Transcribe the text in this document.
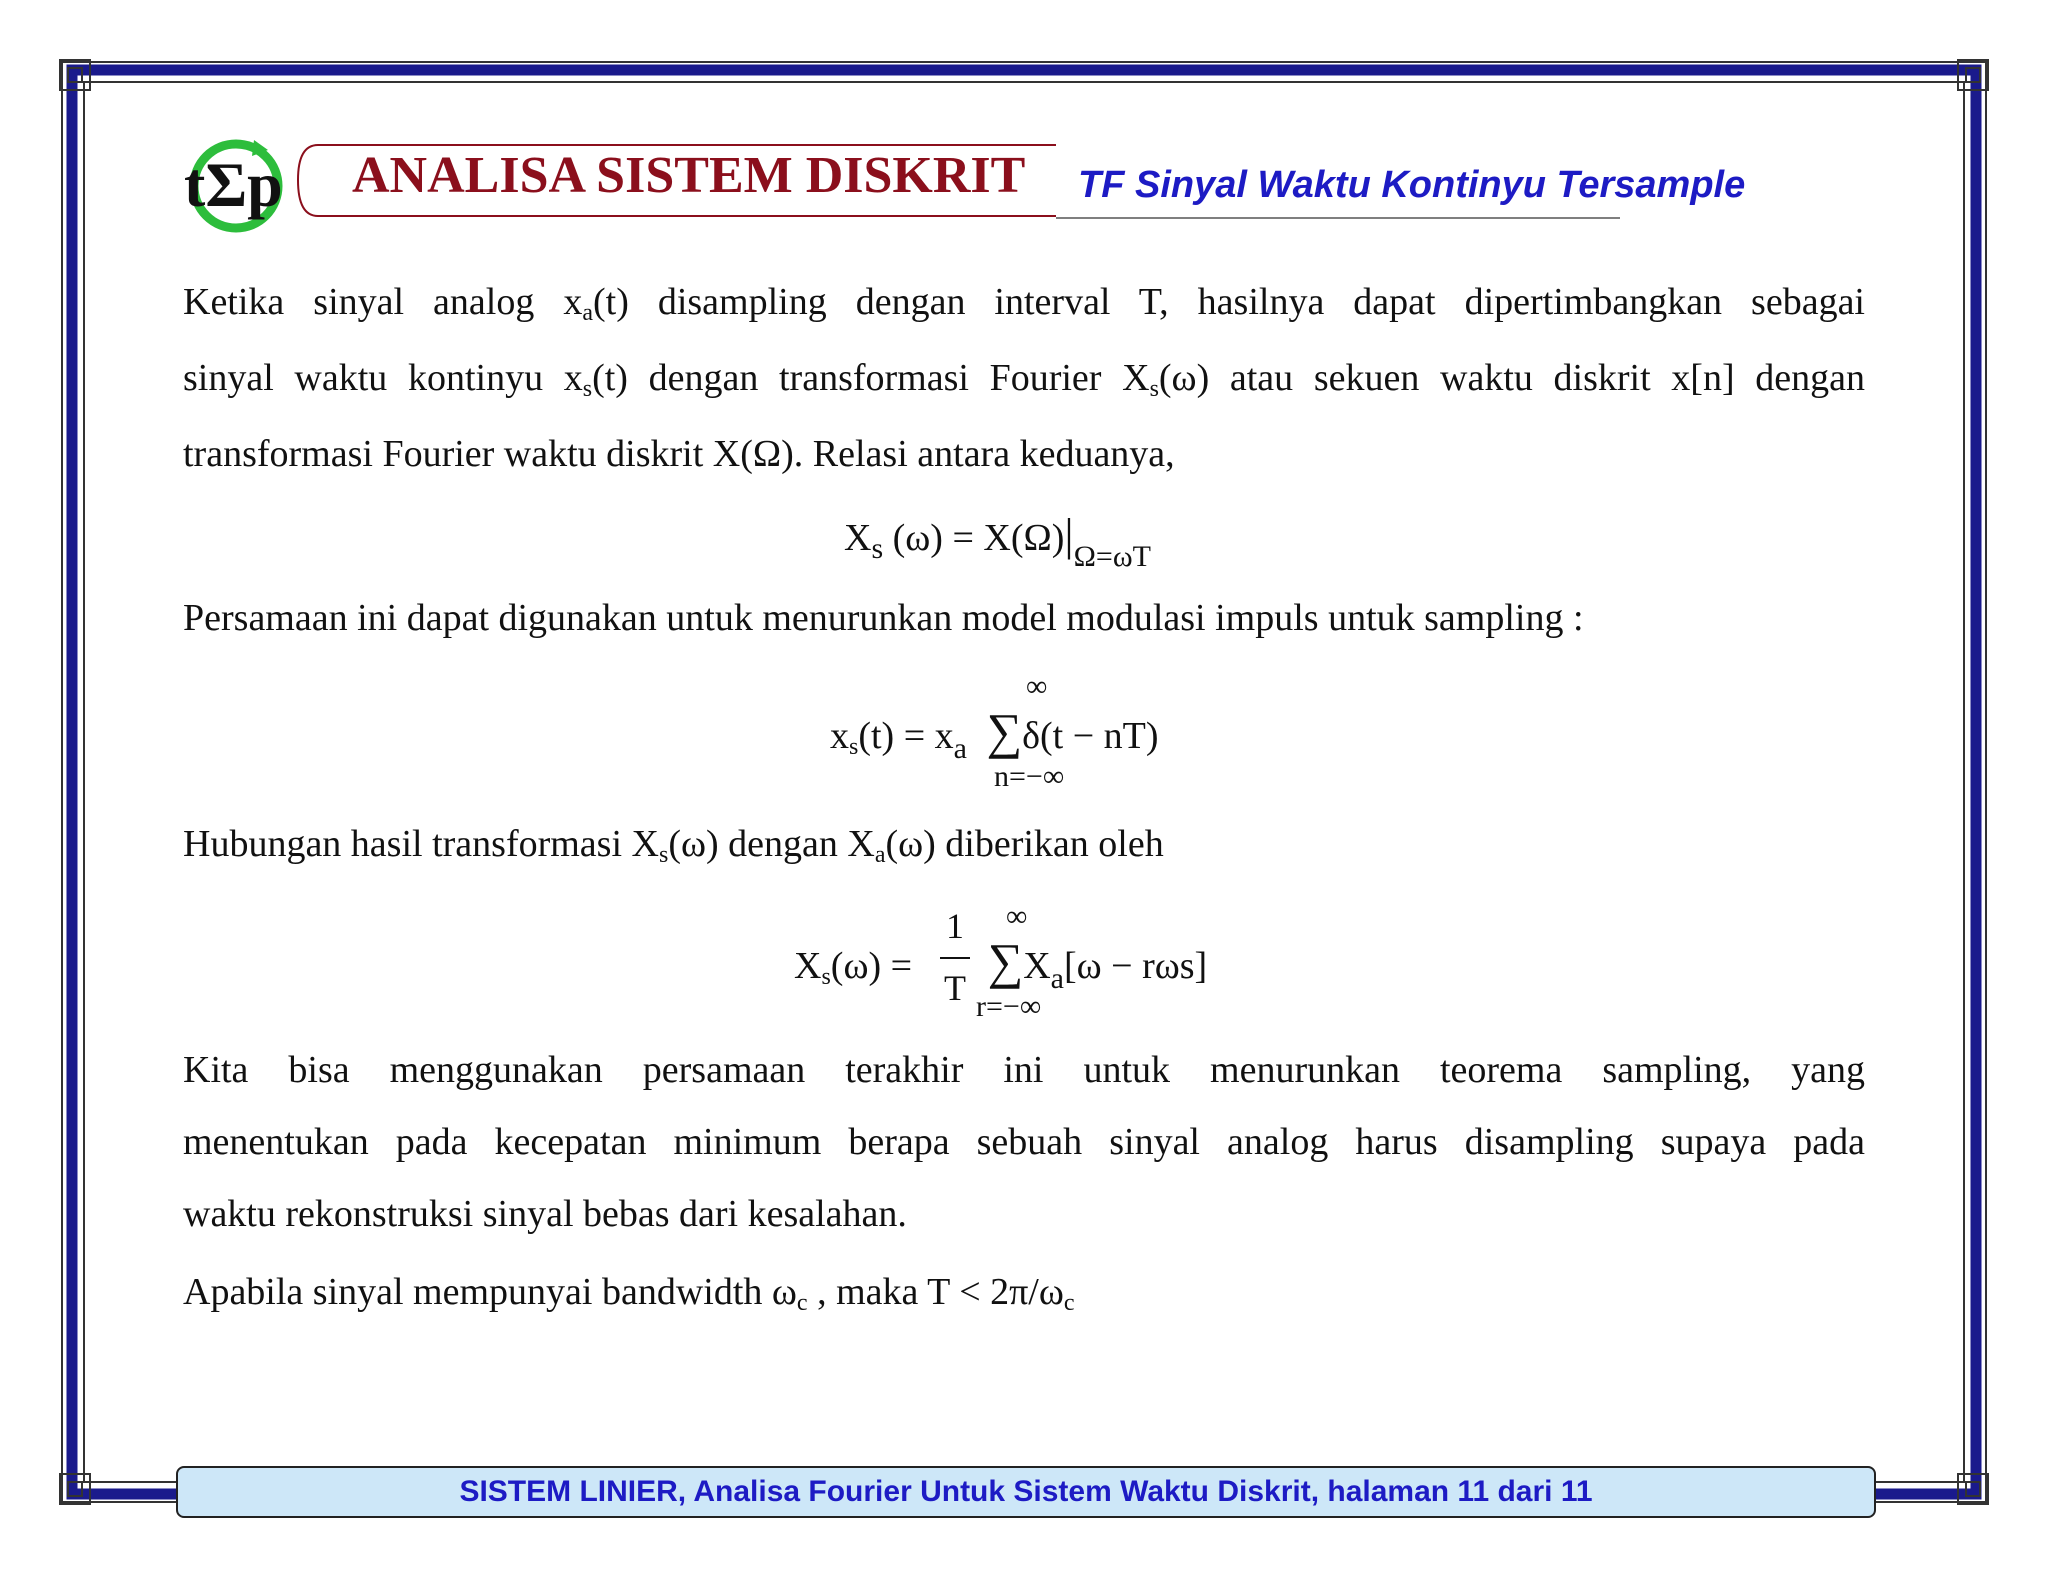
tΣp ANALISA SISTEM DISKRIT TF Sinyal Waktu Kontinyu Tersample
Ketika sinyal analog xa(t) disampling dengan interval T, hasilnya dapat dipertimbangkan sebagai
sinyal waktu kontinyu xs(t) dengan transformasi Fourier Xs(ω) atau sekuen waktu diskrit x[n] dengan
transformasi Fourier waktu diskrit X(Ω). Relasi antara keduanya,
$X_s$ $(\omega) = X(\Omega)|_{\Omega=\omega T}$
Persamaan ini dapat digunakan untuk menurunkan model modulasi impuls untuk sampling :
$xs(t) = x_a$ ∑δ(t − nT)
∞
n=−∞
Hubungan hasil transformasi Xs(ω) dengan Xa(ω) diberikan oleh
Xs(ω) =
1
T $\sum X_a[\omega - r\omega s]$
∞
r=−∞
Kita bisa menggunakan persamaan terakhir ini untuk menurunkan teorema sampling, yang
menentukan pada kecepatan minimum berapa sebuah sinyal analog harus disampling supaya pada
waktu rekonstruksi sinyal bebas dari kesalahan.
Apabila sinyal mempunyai bandwidth ωc , maka T < 2π/ωc
SISTEM LINIER, Analisa Fourier Untuk Sistem Waktu Diskrit, halaman 11 dari 11
